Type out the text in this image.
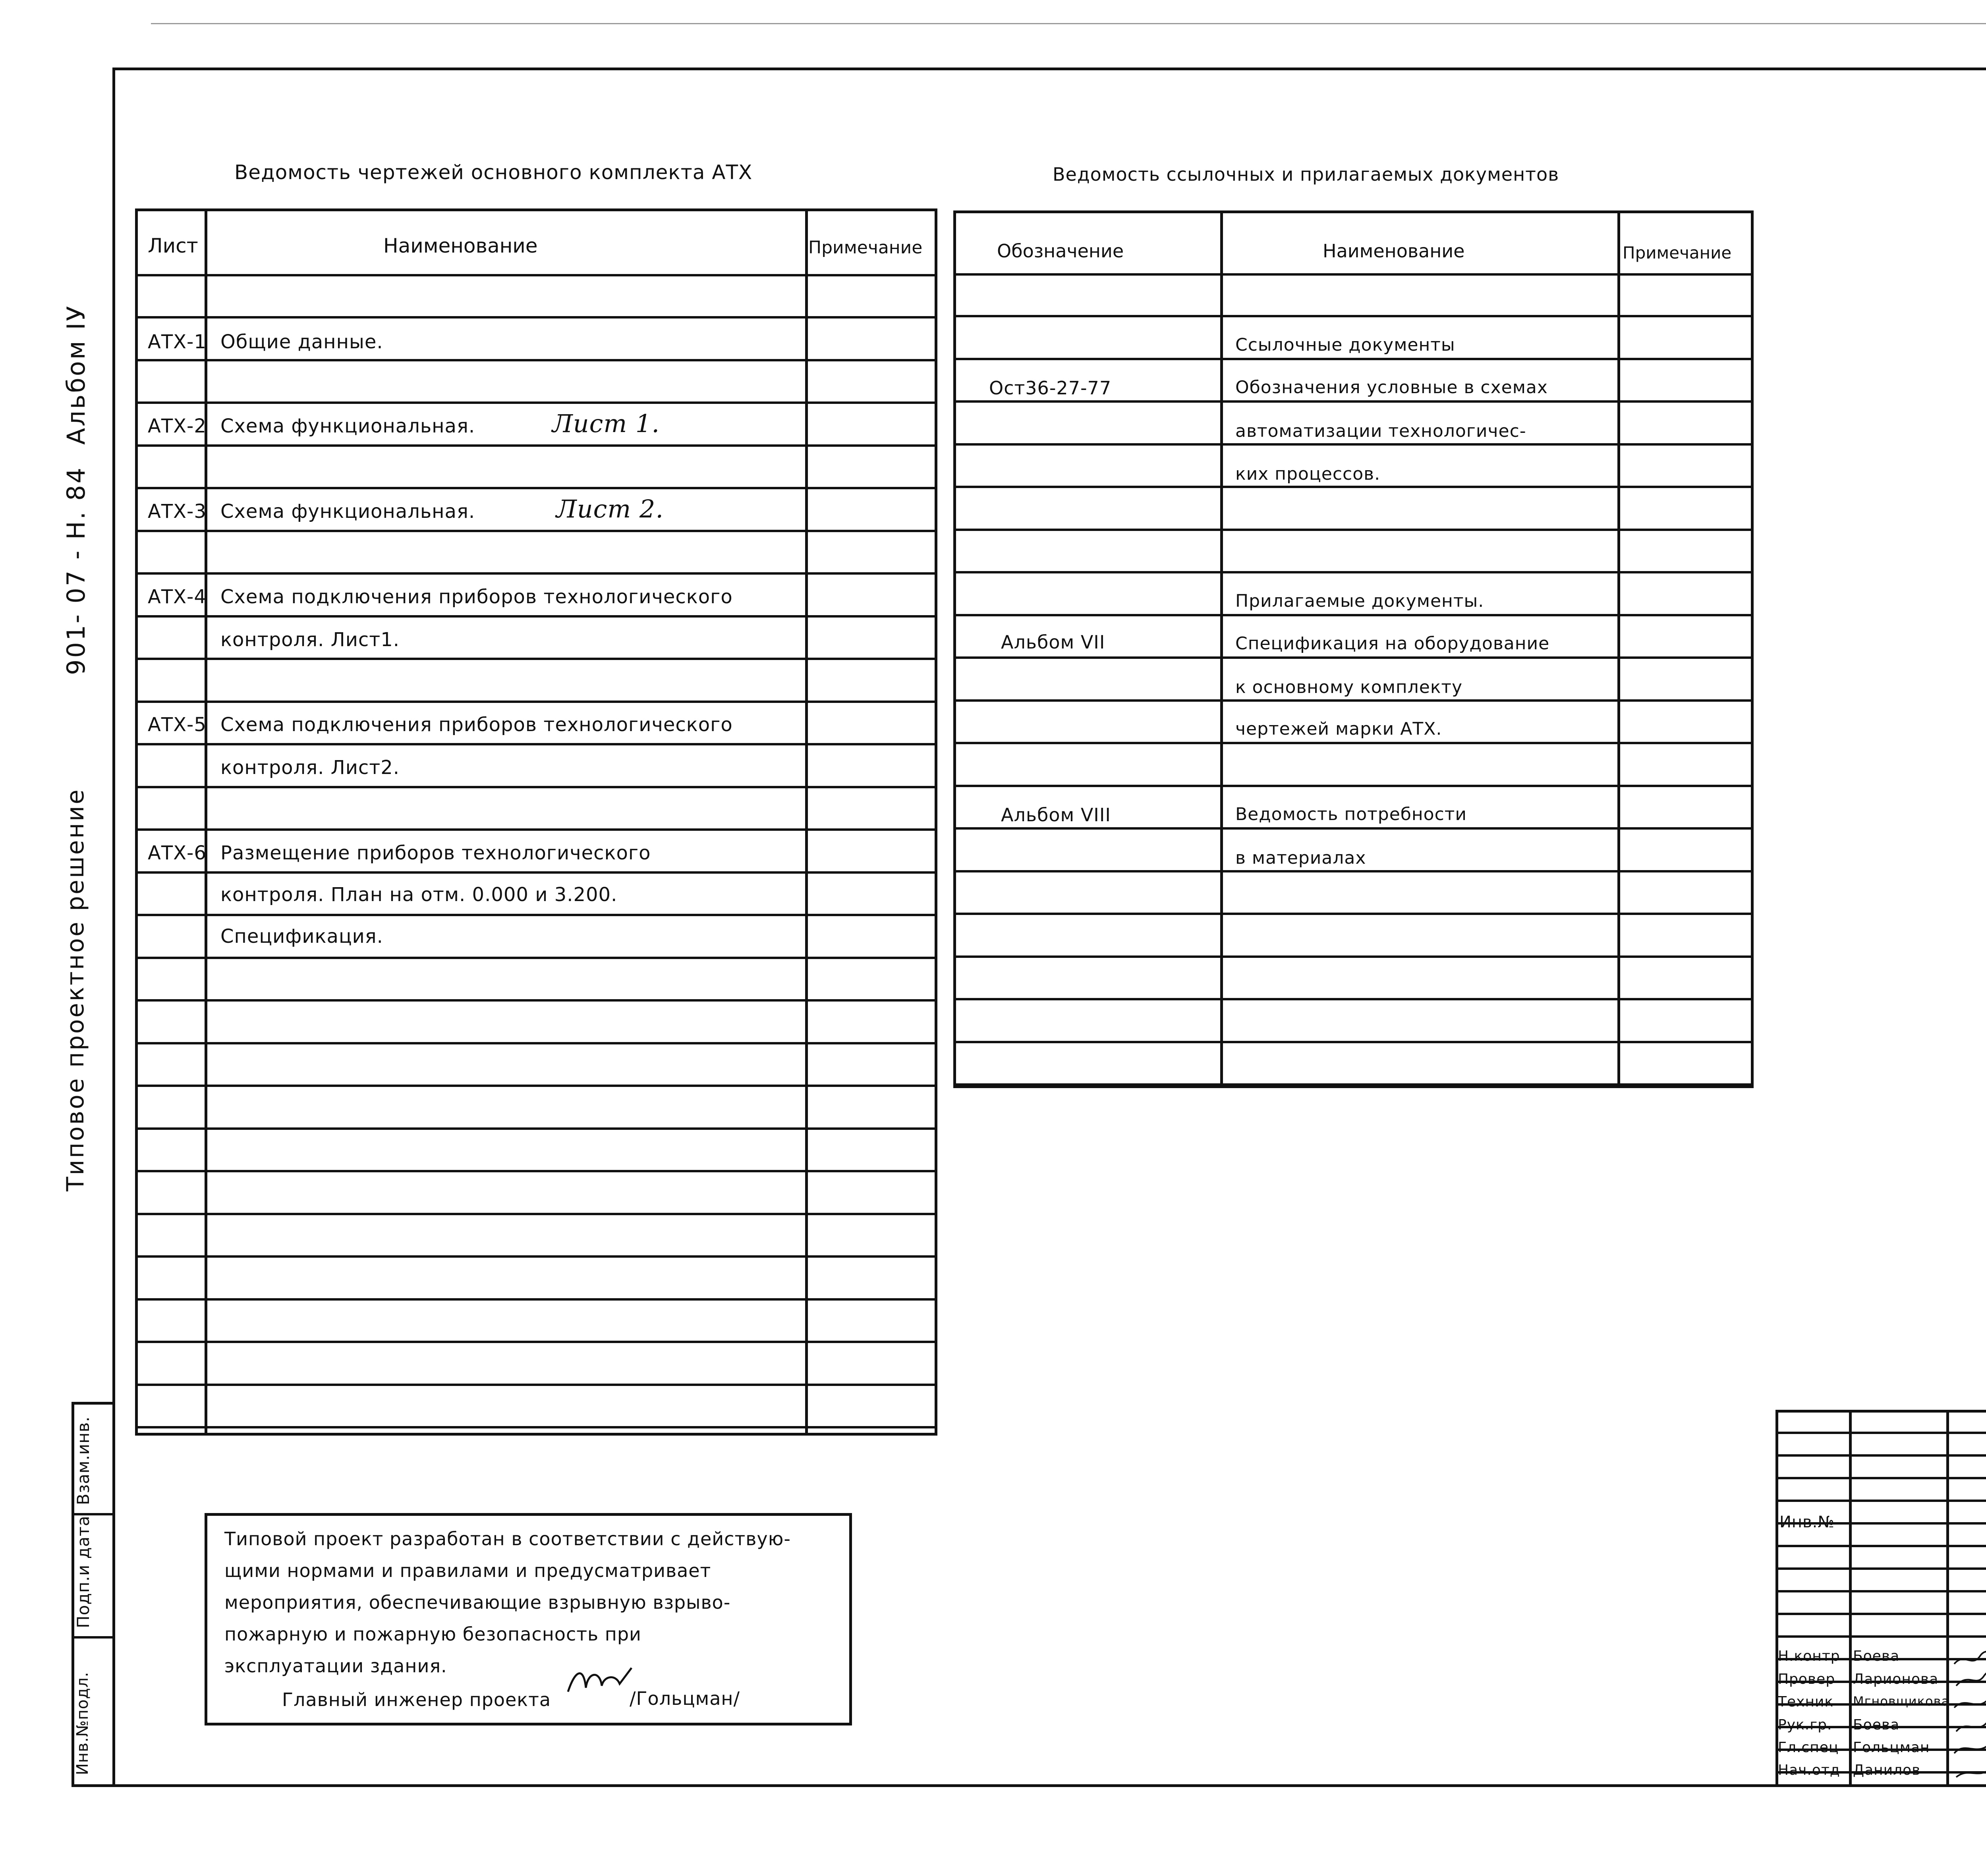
Альбом IУ
901- 07 - Н. 84
Типовое проектное решение
Взам.инв.
Подп.и дата
Инв.№подл.
Ведомость чертежей основного комплекта АТХ
Лист	Наименование	Примечание
АТХ-1 Общие данные.
АТХ-2 Схема функциональная.	Лист 1.
АТХ-3 Схема функциональная.	Лист 2.
АТХ-4 Схема подключения приборов технологического
контроля. Лист1.
АТХ-5 Схема подключения приборов технологического
контроля. Лист2.
АТХ-6 Размещение приборов технологического
контроля. План на отм. 0.000 и 3.200.
Спецификация.
Ведомость ссылочных и прилагаемых документов
Обозначение	Наименование	Примечание
Ссылочные документы
Ост36-27-77	Обозначения условные в схемах
автоматизации технологичес-
ких процессов.
Прилагаемые документы.
Альбом VII	Спецификация на оборудование
к основному комплекту
чертежей марки АТХ.
Альбом VIII	Ведомость потребности
в материалах
Типовой проект разработан в соответствии с действую-
щими нормами и правилами и предусматривает
мероприятия, обеспечивающие взрывную взрыво-
пожарную и пожарную безопасность при
эксплуатации здания.
Главный инженер проекта	/Гольцман/
Инв.№
Н.контр Боева
Провер Ларионова
Техник Мгновщикова
Рук.гр. Боева
Гл.спец Гольцман
Нач.отд Данилов
